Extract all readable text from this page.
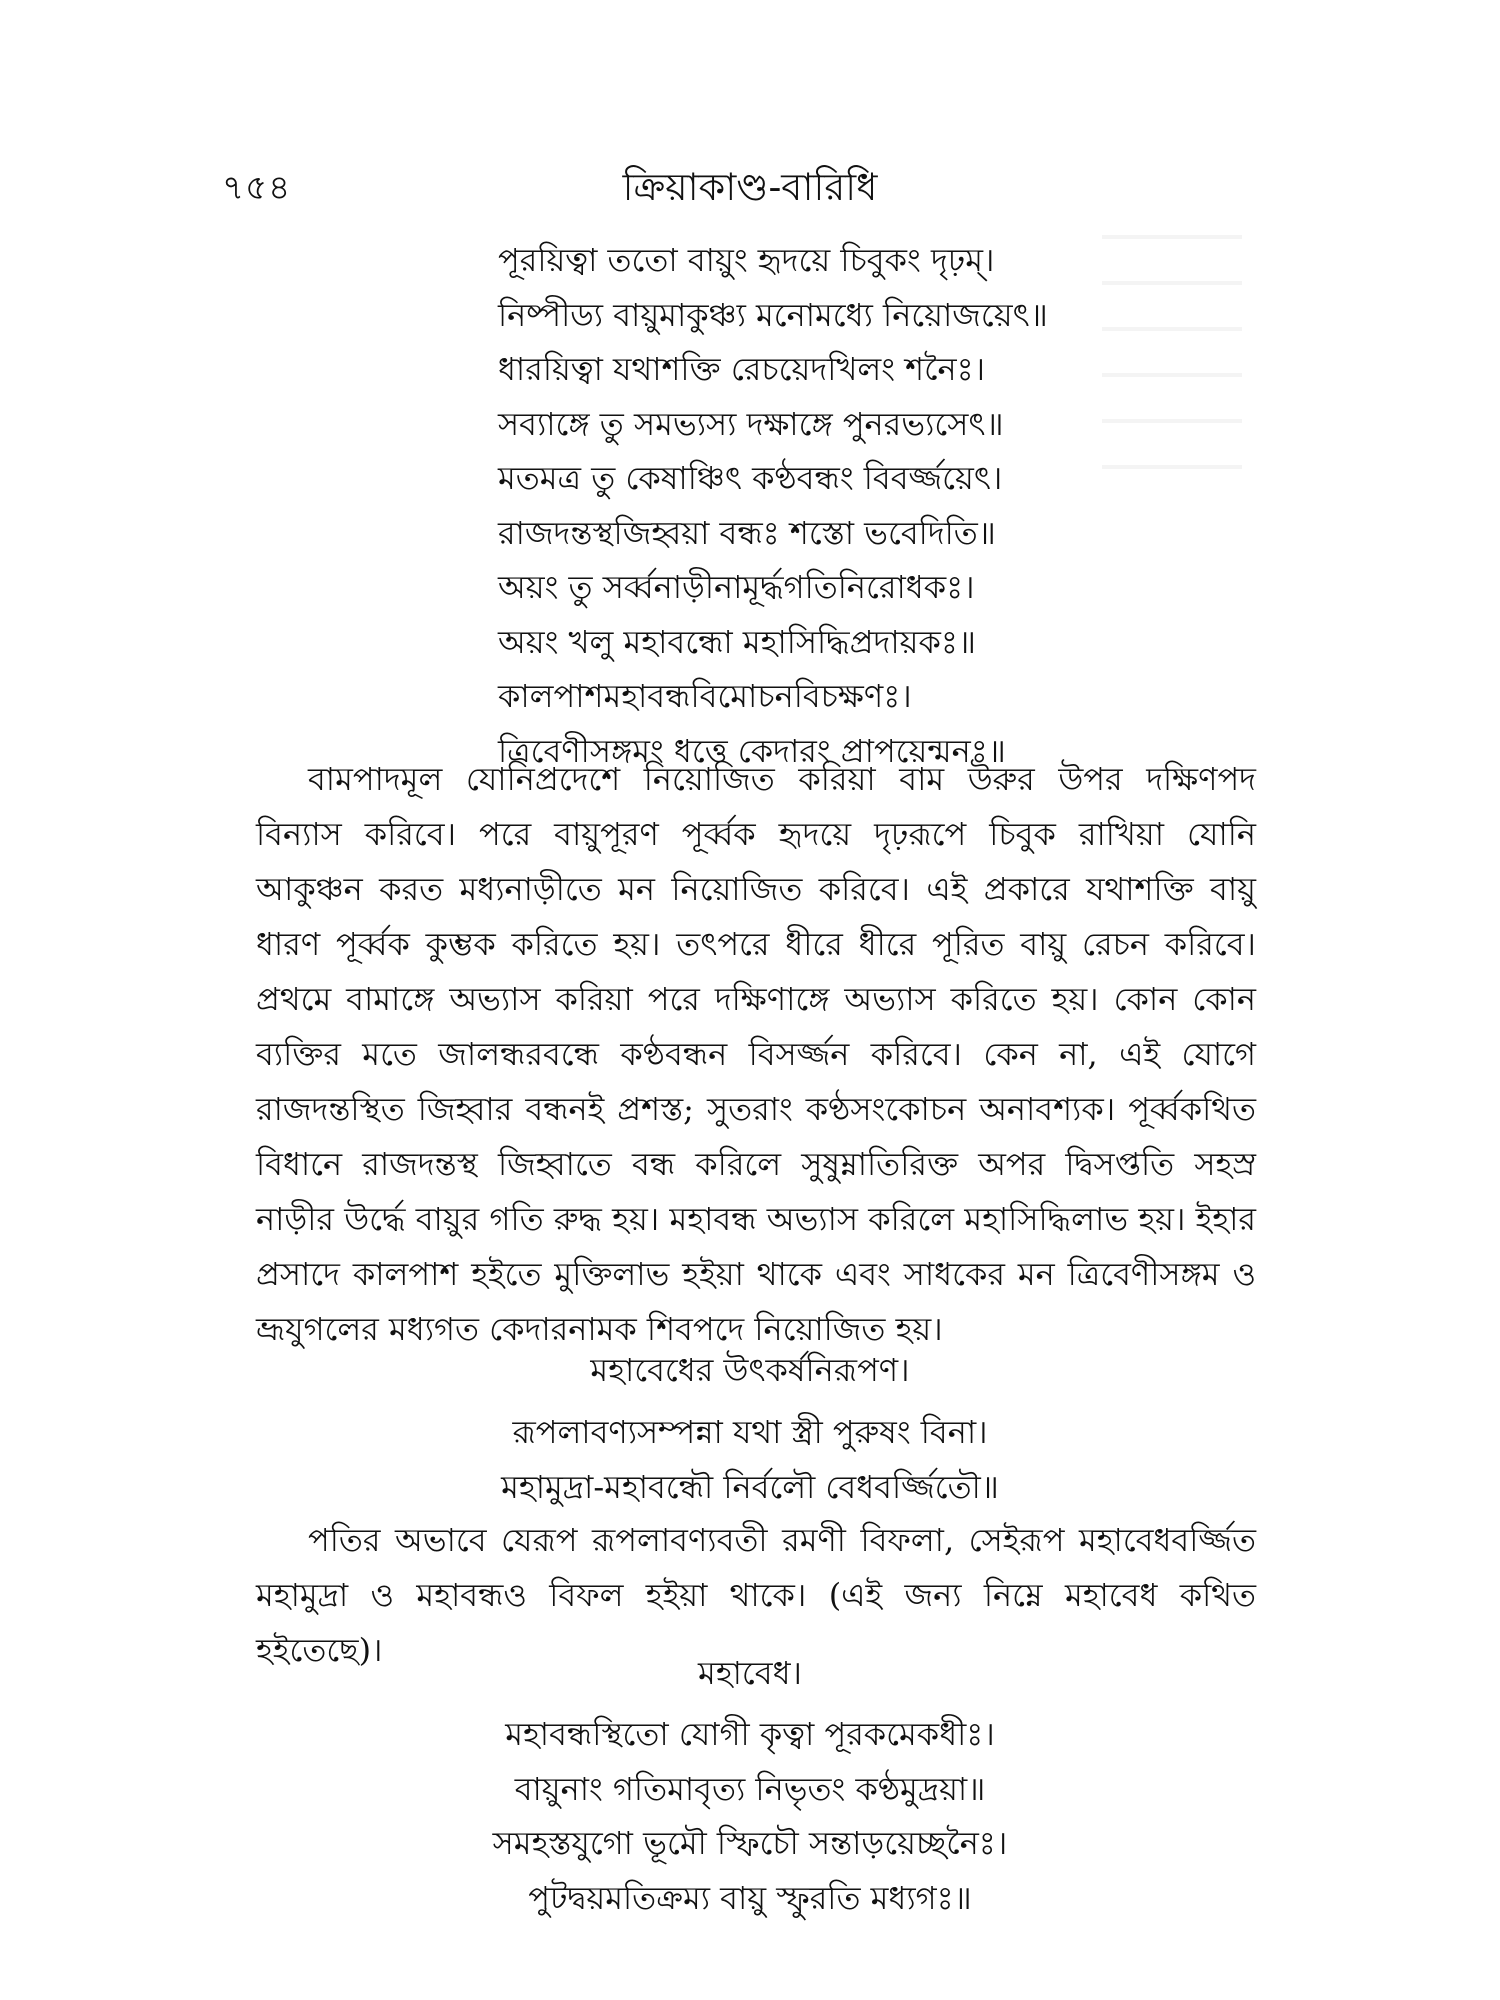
৭৫৪	ক্রিয়াকাণ্ড-বারিধি
পূরয়িত্বা ততো বায়ুং হৃদয়ে চিবুকং দৃঢ়ম্।
নিষ্পীড্য বায়ুমাকুঞ্চ্য মনোমধ্যে নিয়োজয়েৎ॥
ধারয়িত্বা যথাশক্তি রেচয়েদখিলং শনৈঃ।
সব্যাঙ্গে তু সমভ্যস্য দক্ষাঙ্গে পুনরভ্যসেৎ॥
মতমত্র তু কেষাঞ্চিৎ কণ্ঠবন্ধং বিবর্জ্জয়েৎ।
রাজদন্তস্থজিহ্বয়া বন্ধঃ শস্তো ভবেদিতি॥
অয়ং তু সর্ব্বনাড়ীনামূর্দ্ধগতিনিরোধকঃ।
অয়ং খলু মহাবন্ধো মহাসিদ্ধিপ্রদায়কঃ॥
কালপাশমহাবন্ধবিমোচনবিচক্ষণঃ।
ত্রিবেণীসঙ্গমং ধত্তে কেদারং প্রাপয়েন্মনঃ॥

বামপাদমূল যোনিপ্রদেশে নিয়োজিত করিয়া বাম উরুর উপর দক্ষিণপদ বিন্যাস করিবে। পরে বায়ুপূরণ পূর্ব্বক হৃদয়ে দৃঢ়রূপে চিবুক রাখিয়া যোনি আকুঞ্চন করত মধ্যনাড়ীতে মন নিয়োজিত করিবে। এই প্রকারে যথাশক্তি বায়ু ধারণ পূর্ব্বক কুম্ভক করিতে হয়। তৎপরে ধীরে ধীরে পূরিত বায়ু রেচন করিবে। প্রথমে বামাঙ্গে অভ্যাস করিয়া পরে দক্ষিণাঙ্গে অভ্যাস করিতে হয়। কোন কোন ব্যক্তির মতে জালন্ধরবন্ধে কণ্ঠবন্ধন বিসর্জ্জন করিবে। কেন না, এই যোগে রাজদন্তস্থিত জিহ্বার বন্ধনই প্রশস্ত; সুতরাং কণ্ঠসংকোচন অনাবশ্যক। পূর্ব্বকথিত বিধানে রাজদন্তস্থ জিহ্বাতে বন্ধ করিলে সুষুম্নাতিরিক্ত অপর দ্বিসপ্ততি সহস্র নাড়ীর উর্দ্ধে বায়ুর গতি রুদ্ধ হয়। মহাবন্ধ অভ্যাস করিলে মহাসিদ্ধিলাভ হয়। ইহার প্রসাদে কালপাশ হইতে মুক্তিলাভ হইয়া থাকে এবং সাধকের মন ত্রিবেণীসঙ্গম ও ভ্রূযুগলের মধ্যগত কেদারনামক শিবপদে নিয়োজিত হয়।

মহাবেধের উৎকর্ষনিরূপণ।
রূপলাবণ্যসম্পন্না যথা স্ত্রী পুরুষং বিনা।
মহামুদ্রা-মহাবন্ধৌ নির্বলৌ বেধবর্জ্জিতৌ॥

পতির অভাবে যেরূপ রূপলাবণ্যবতী রমণী বিফলা, সেইরূপ মহাবেধবর্জ্জিত মহামুদ্রা ও মহাবন্ধও বিফল হইয়া থাকে। (এই জন্য নিম্নে মহাবেধ কথিত হইতেছে)।

মহাবেধ।
মহাবন্ধস্থিতো যোগী কৃত্বা পূরকমেকধীঃ।
বায়ুনাং গতিমাবৃত্য নিভৃতং কণ্ঠমুদ্রয়া॥
সমহস্তযুগো ভূমৌ স্ফিচৌ সন্তাড়য়েচ্ছনৈঃ।
পুটদ্বয়মতিক্রম্য বায়ু স্ফুরতি মধ্যগঃ॥
